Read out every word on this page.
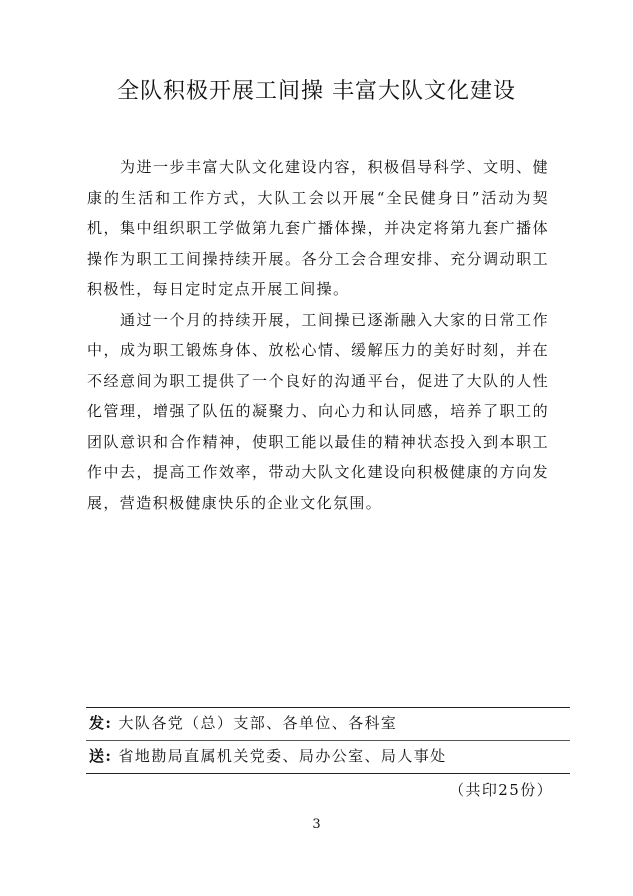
全队积极开展工间操 丰富大队文化建设

为进一步丰富大队文化建设内容，积极倡导科学、文明、健康的生活和工作方式，大队工会以开展“全民健身日”活动为契机，集中组织职工学做第九套广播体操，并决定将第九套广播体操作为职工工间操持续开展。各分工会合理安排、充分调动职工积极性，每日定时定点开展工间操。

通过一个月的持续开展，工间操已逐渐融入大家的日常工作中，成为职工锻炼身体、放松心情、缓解压力的美好时刻，并在不经意间为职工提供了一个良好的沟通平台，促进了大队的人性化管理，增强了队伍的凝聚力、向心力和认同感，培养了职工的团队意识和合作精神，使职工能以最佳的精神状态投入到本职工作中去，提高工作效率，带动大队文化建设向积极健康的方向发展，营造积极健康快乐的企业文化氛围。

发: 大队各党（总）支部、各单位、各科室
送: 省地勘局直属机关党委、局办公室、局人事处
（共印25份）
3
